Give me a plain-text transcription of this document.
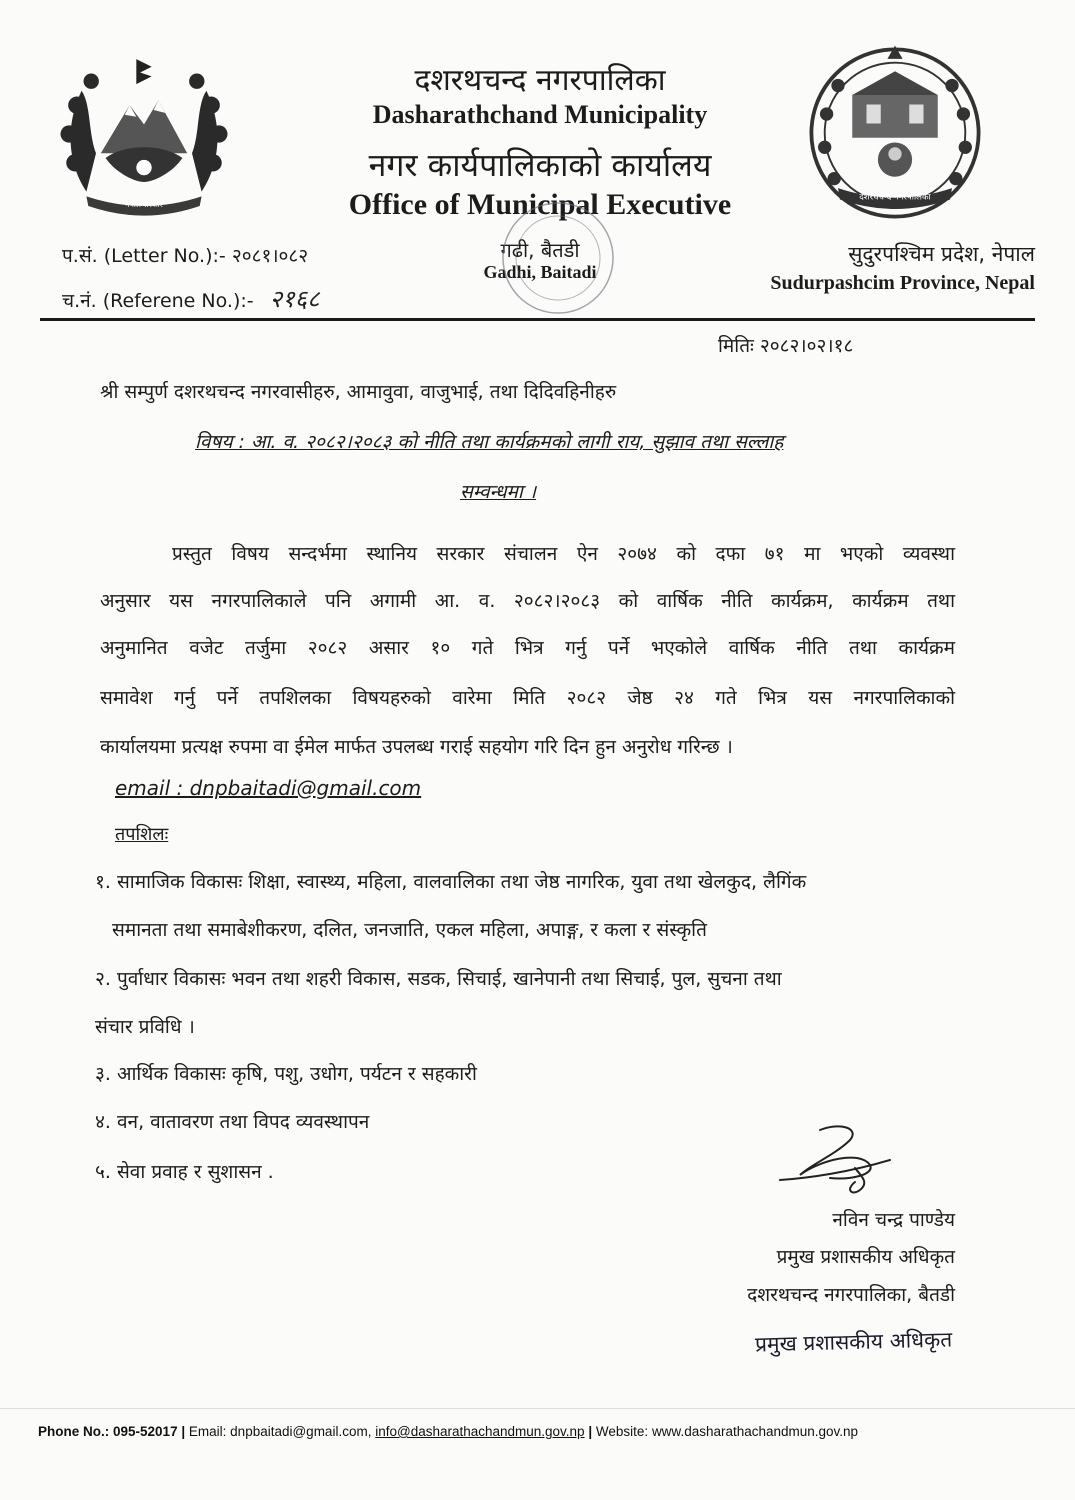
नेपाल सरकार
दशरथचन्द नगरपालिका
Dasharathchand Municipality
नगर कार्यपालिकाको कार्यालय
Office of Municipal Executive
गढी, बैतडी
Gadhi, Baitadi
दशरथचन्द नगरपालिका
प.सं. (Letter No.):- २०८१।०८२
च.नं. (Referene No.):- २१६८
सुदुरपश्चिम प्रदेश, नेपाल
Sudurpashcim Province, Nepal
मितिः २०८२।०२।१८
श्री सम्पुर्ण दशरथचन्द नगरवासीहरु, आमावुवा, वाजुभाई, तथा दिदिवहिनीहरु
विषय : आ. व. २०८२।२०८३ को नीति तथा कार्यक्रमको लागी राय, सुझाव तथा सल्लाह
सम्वन्धमा ।
प्रस्तुत विषय सन्दर्भमा स्थानिय सरकार संचालन ऐन २०७४ को दफा ७१ मा भएको व्यवस्था
अनुसार यस नगरपालिकाले पनि अगामी आ. व. २०८२।२०८३ को वार्षिक नीति कार्यक्रम, कार्यक्रम तथा
अनुमानित वजेट तर्जुमा २०८२ असार १० गते भित्र गर्नु पर्ने भएकोले वार्षिक नीति तथा कार्यक्रम
समावेश गर्नु पर्ने तपशिलका विषयहरुको वारेमा मिति २०८२ जेष्ठ २४ गते भित्र यस नगरपालिकाको
कार्यालयमा प्रत्यक्ष रुपमा वा ईमेल मार्फत उपलब्ध गराई सहयोग गरि दिन हुन अनुरोध गरिन्छ ।
email : dnpbaitadi@gmail.com
तपशिलः
१. सामाजिक विकासः शिक्षा, स्वास्थ्य, महिला, वालवालिका तथा जेष्ठ नागरिक, युवा तथा खेलकुद, लैगिंक
समानता तथा समाबेशीकरण, दलित, जनजाति, एकल महिला, अपाङ्ग, र कला र संस्कृति
२. पुर्वाधार विकासः भवन तथा शहरी विकास, सडक, सिचाई, खानेपानी तथा सिचाई, पुल, सुचना तथा
संचार प्रविधि ।
३. आर्थिक विकासः कृषि, पशु, उधोग, पर्यटन र सहकारी
४. वन, वातावरण तथा विपद व्यवस्थापन
५. सेवा प्रवाह र सुशासन .
नविन चन्द्र पाण्डेय
प्रमुख प्रशासकीय अधिकृत
दशरथचन्द नगरपालिका, बैतडी
प्रमुख प्रशासकीय अधिकृत
Phone No.: 095-52017 | Email: dnpbaitadi@gmail.com, info@dasharathachandmun.gov.np | Website: www.dasharathachandmun.gov.np
